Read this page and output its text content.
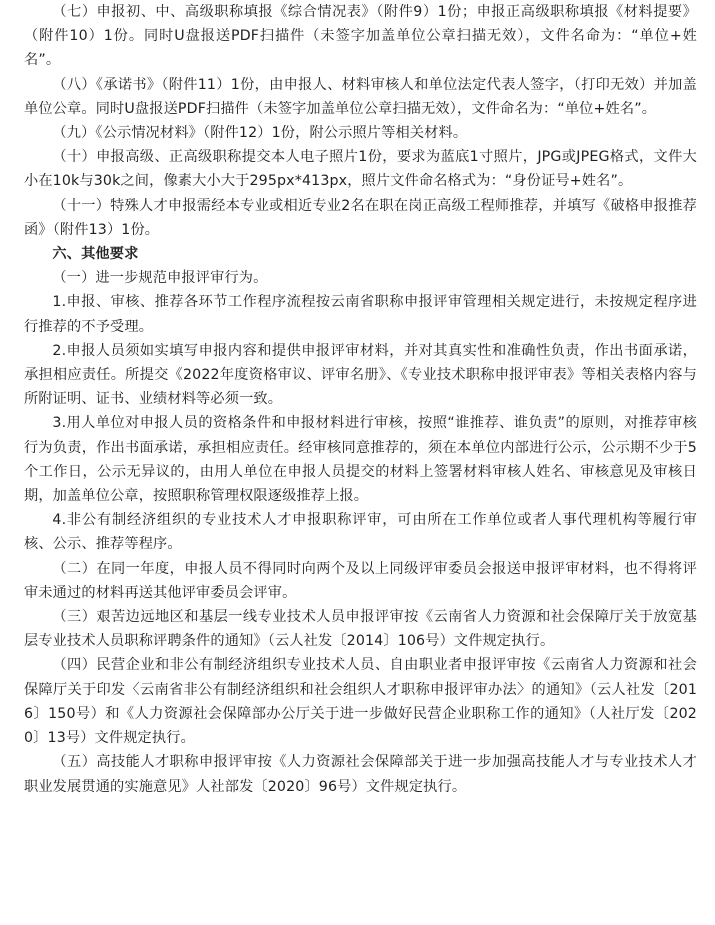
（七）申报初、中、高级职称填报《综合情况表》（附件9）1份；申报正高级职称填报《材料提要》（附件10）1份。同时U盘报送PDF扫描件（未签字加盖单位公章扫描无效），文件名命为：“单位+姓名”。

（八）《承诺书》（附件11）1份，由申报人、材料审核人和单位法定代表人签字，（打印无效）并加盖单位公章。同时U盘报送PDF扫描件（未签字加盖单位公章扫描无效），文件命名为：“单位+姓名”。

（九）《公示情况材料》（附件12）1份，附公示照片等相关材料。

（十）申报高级、正高级职称提交本人电子照片1份，要求为蓝底1寸照片，JPG或JPEG格式，文件大小在10k与30k之间，像素大小大于295px*413px，照片文件命名格式为：“身份证号+姓名”。

（十一）特殊人才申报需经本专业或相近专业2名在职在岗正高级工程师推荐，并填写《破格申报推荐函》（附件13）1份。

六、其他要求

（一）进一步规范申报评审行为。

1.申报、审核、推荐各环节工作程序流程按云南省职称申报评审管理相关规定进行，未按规定程序进行推荐的不予受理。

2.申报人员须如实填写申报内容和提供申报评审材料，并对其真实性和准确性负责，作出书面承诺，承担相应责任。所提交《2022年度资格审议、评审名册》、《专业技术职称申报评审表》等相关表格内容与所附证明、证书、业绩材料等必须一致。

3.用人单位对申报人员的资格条件和申报材料进行审核，按照“谁推荐、谁负责”的原则，对推荐审核行为负责，作出书面承诺，承担相应责任。经审核同意推荐的，须在本单位内部进行公示，公示期不少于5个工作日，公示无异议的，由用人单位在申报人员提交的材料上签署材料审核人姓名、审核意见及审核日期，加盖单位公章，按照职称管理权限逐级推荐上报。

4.非公有制经济组织的专业技术人才申报职称评审，可由所在工作单位或者人事代理机构等履行审核、公示、推荐等程序。

（二）在同一年度，申报人员不得同时向两个及以上同级评审委员会报送申报评审材料，也不得将评审未通过的材料再送其他评审委员会评审。

（三）艰苦边远地区和基层一线专业技术人员申报评审按《云南省人力资源和社会保障厅关于放宽基层专业技术人员职称评聘条件的通知》（云人社发〔2014〕106号）文件规定执行。

（四）民营企业和非公有制经济组织专业技术人员、自由职业者申报评审按《云南省人力资源和社会保障厅关于印发〈云南省非公有制经济组织和社会组织人才职称申报评审办法〉的通知》（云人社发〔2016〕150号）和《人力资源社会保障部办公厅关于进一步做好民营企业职称工作的通知》（人社厅发〔2020〕13号）文件规定执行。

（五）高技能人才职称申报评审按《人力资源社会保障部关于进一步加强高技能人才与专业技术人才职业发展贯通的实施意见》人社部发〔2020〕96号）文件规定执行。
